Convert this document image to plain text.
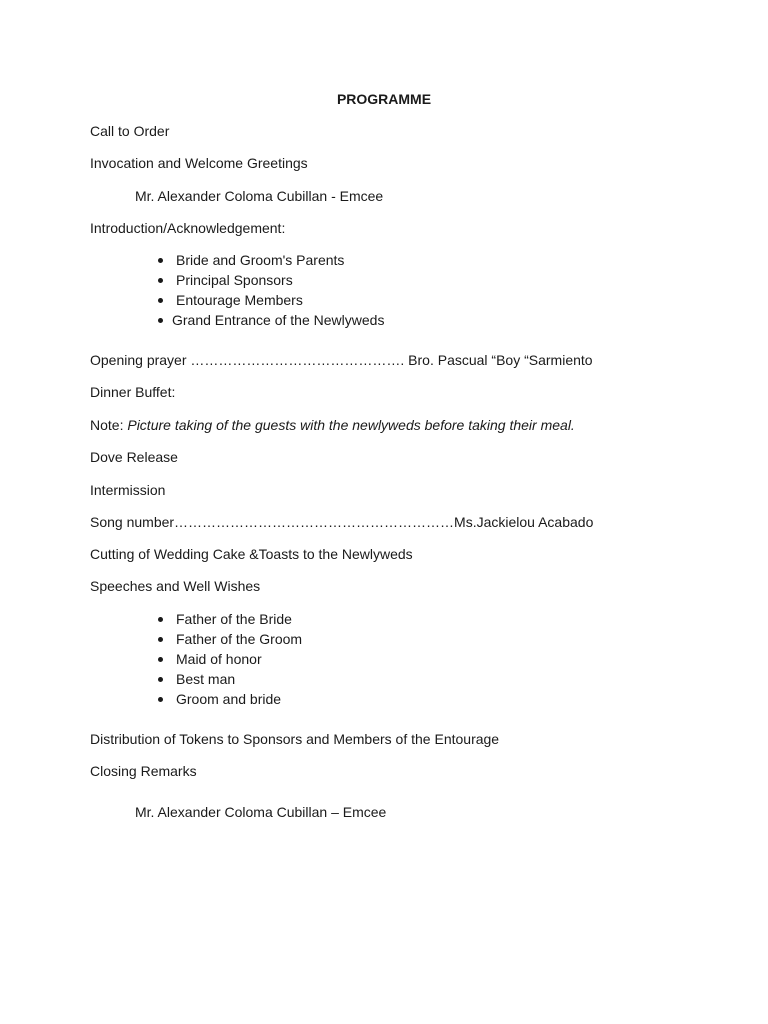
PROGRAMME
Call to Order
Invocation and Welcome Greetings
Mr. Alexander Coloma Cubillan - Emcee
Introduction/Acknowledgement:
Bride and Groom's Parents
Principal Sponsors
Entourage Members
Grand Entrance of the Newlyweds
Opening prayer ………………………………………. Bro. Pascual “Boy “Sarmiento
Dinner Buffet:
Note: Picture taking of the guests with the newlyweds before taking their meal.
Dove Release
Intermission
Song number……………………………………………………Ms.Jackielou Acabado
Cutting of Wedding Cake &Toasts to the Newlyweds
Speeches and Well Wishes
Father of the Bride
Father of the Groom
Maid of honor
Best man
Groom and bride
Distribution of Tokens to Sponsors and Members of the Entourage
Closing Remarks
Mr. Alexander Coloma Cubillan – Emcee
